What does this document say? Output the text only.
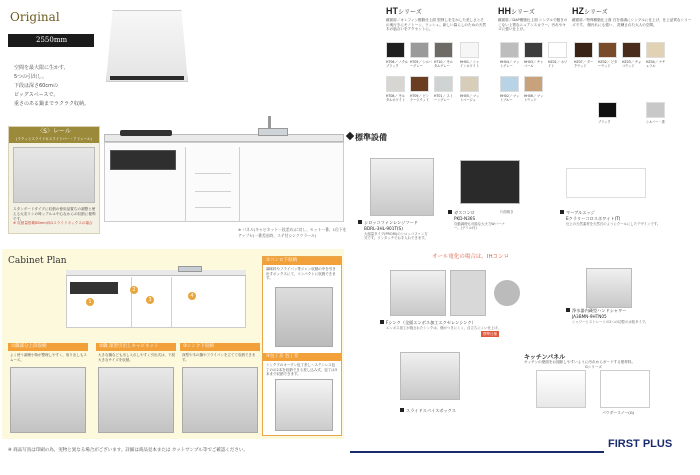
Original
2550mm
空間を最大限に生かす、
5つの引出し。
下段は深さ60cmの
ビッグスペースで、
重さのある鍋までラクラク収納。
〈S〉レール
(ラクッとスライド＆スライドバー・アドレール)
スタンダードタイプに収納の使用品置ちの調整と使える大変リシの時ッアルユ中心なからの収納に便利です。
※ 収納量搭載BSmm向Gスライドボックスの場合
※ パネル(キャビネット一段差め)に対し、セット一番、1位下をアップセ(一番差出時、ステ付シンクウラール)
Cabinet Plan
1
2
3
4
①コンロ下収納
調味料やフライパン等ジャン収納の中を引き出すボックスにて、コンパクトに収納できます。
③包丁差 包丁差
シンク下のオープン包丁差し〜ステンレス包丁のの2本を収納できる差し込み式、包丁は3本まで収納できます。
①隅部分上段収納
よく使う調理小物が整理しやすく、取り出しもスムーズ。
②隅 深型引出しキャビネット
大きな鍋なども出し入れしやすく引出式は、下段大きなサイズを収納。
③シンク下収納
深型や木の鍋やフライパンを立てて収納できます。
HTシリーズ
鏡面扉／オレフィン樹脂仕上面 型押しを生かした美しさとその奥行きにモノトーン、ワッシュ。新しい暮らしのための天然木の風合いをアクセントに。
HHシリーズ
鏡面扉／DAP樹脂仕上面 シンプルで飽きのこない上質なニュアンスカラー。汚れやキズに強い仕上げ。
HZシリーズ
鏡面扉／特殊樹脂仕上面 白を基調にシンプルに仕上げ、仕上品質なシリーズです。 傷汚れにも強い、 洗練された大人の空間。
HT06／ ノクルブラック
HT05／ シルバーグレー
HT10／ モルタルグレー
HH01／ シャインホワイト
HH04／ マットグレー
HH03／ チャコール
HT08／ モルタルホワイト
HT09／ ビンテージウッド
HT01／ ストーングレー
HH05／ マットベージュ
HH02／ マットブルー
HH06／ マットウッド
HZ01／ ホワイト
HZ07／ ダークウッド
HZ02／ ビターウッド
HZ03／ チョコウッド
HZ04／ ナチュラル
ブラック	シルバー・茶
標準設備
シロッコファンレンジフード
BDRL-3HL-901T(S)
大風量タイプ(PRORI)のシロッコファン方式です。ワンタッチでお手入れできます。
ガスコンロ
PKD-N36S
自動調理も可能な大火力Wバーナー。(グリル付)
片面焼き	マーブルエッジ
Eクラリーコロスホワイト(T)
仕上の天然素材を天然石のようにクールにしたデザインです。
オール電化の場合は、IHコンロ
Fシンク（全面エンボス加工エクセレンシンク）
エンボス加工が施されたシンクは、傷がつきにくく、目立ちにくい仕上げ。
標準仕様
浄水器内蔵型ハンドシャワー
JA3ВМN-9НТN05
シャワーとストレートの2つの切替の水栓タイプ。
スライドスパイスボックス
キッチンパネル
キッチンの壁面をお掃除しやすいように汚れからガードする壁材料。
Gシリーズ
パウダースノー(G)
※ 商品写真は印刷の為、実物と異なる場合がございます。詳細は商品見本または カットサンプル等でご確認ください。
FIRST PLUS
